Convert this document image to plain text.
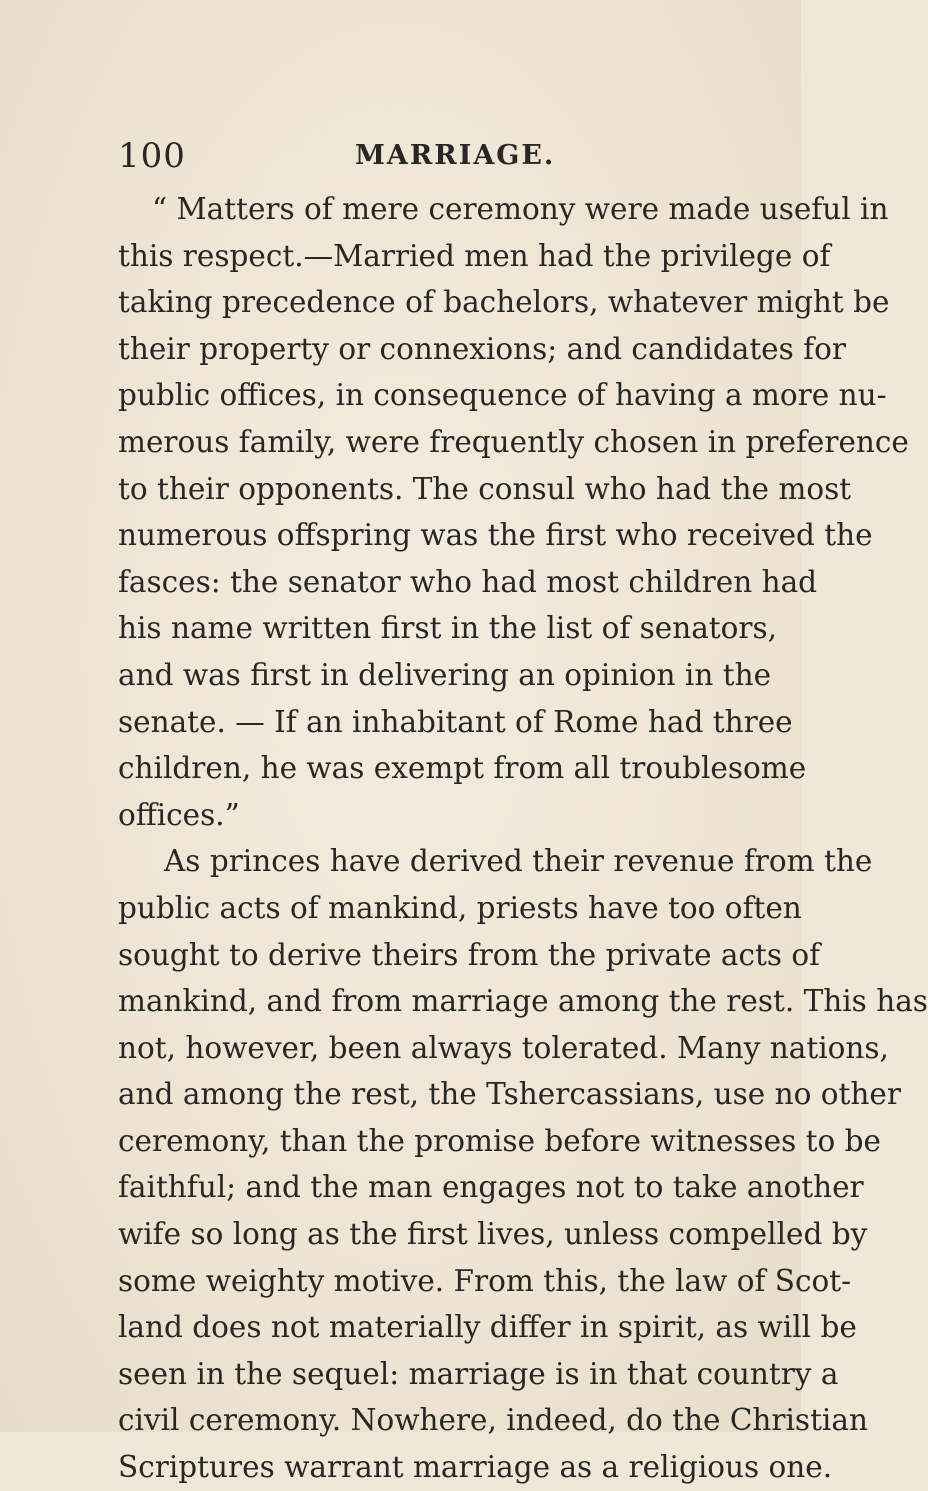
100	MARRIAGE.
“ Matters of mere ceremony were made useful in
this respect.—Married men had the privilege of
taking precedence of bachelors, whatever might be
their property or connexions; and candidates for
public offices, in consequence of having a more nu-
merous family, were frequently chosen in preference
to their opponents. The consul who had the most
numerous offspring was the first who received the
fasces: the senator who had most children had
his name written first in the list of senators,
and was first in delivering an opinion in the
senate. — If an inhabitant of Rome had three
children, he was exempt from all troublesome
offices.”
As princes have derived their revenue from the
public acts of mankind, priests have too often
sought to derive theirs from the private acts of
mankind, and from marriage among the rest. This has
not, however, been always tolerated. Many nations,
and among the rest, the Tshercassians, use no other
ceremony, than the promise before witnesses to be
faithful; and the man engages not to take another
wife so long as the first lives, unless compelled by
some weighty motive. From this, the law of Scot-
land does not materially differ in spirit, as will be
seen in the sequel: marriage is in that country a
civil ceremony. Nowhere, indeed, do the Christian
Scriptures warrant marriage as a religious one.
